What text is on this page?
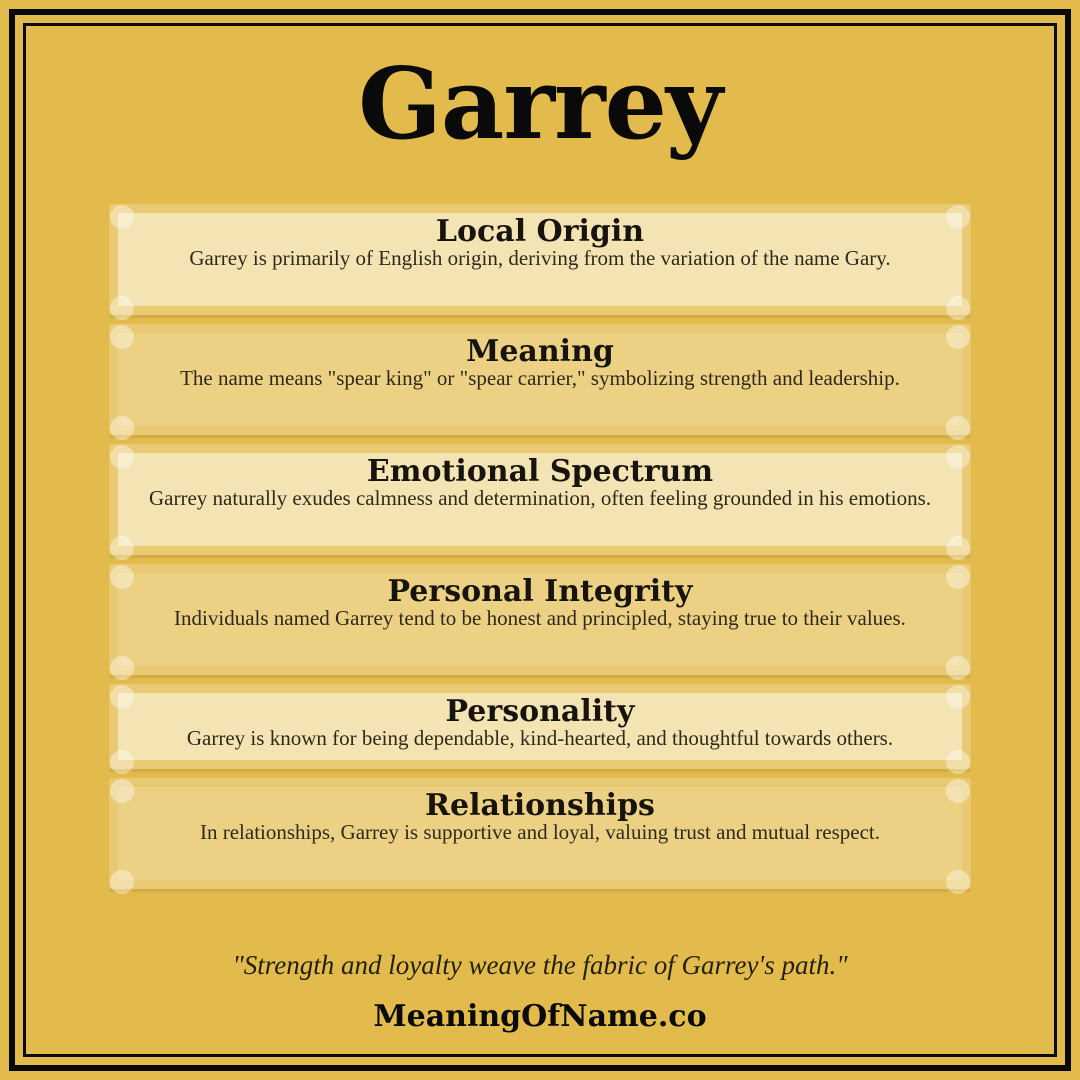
Garrey
Local Origin

Garrey is primarily of English origin, deriving from the variation of the name Gary.

Meaning

The name means "spear king" or "spear carrier," symbolizing strength and leadership.

Emotional Spectrum

Garrey naturally exudes calmness and determination, often feeling grounded in his emotions.

Personal Integrity

Individuals named Garrey tend to be honest and principled, staying true to their values.

Personality

Garrey is known for being dependable, kind-hearted, and thoughtful towards others.

Relationships

In relationships, Garrey is supportive and loyal, valuing trust and mutual respect.

"Strength and loyalty weave the fabric of Garrey's path."

MeaningOfName.co
